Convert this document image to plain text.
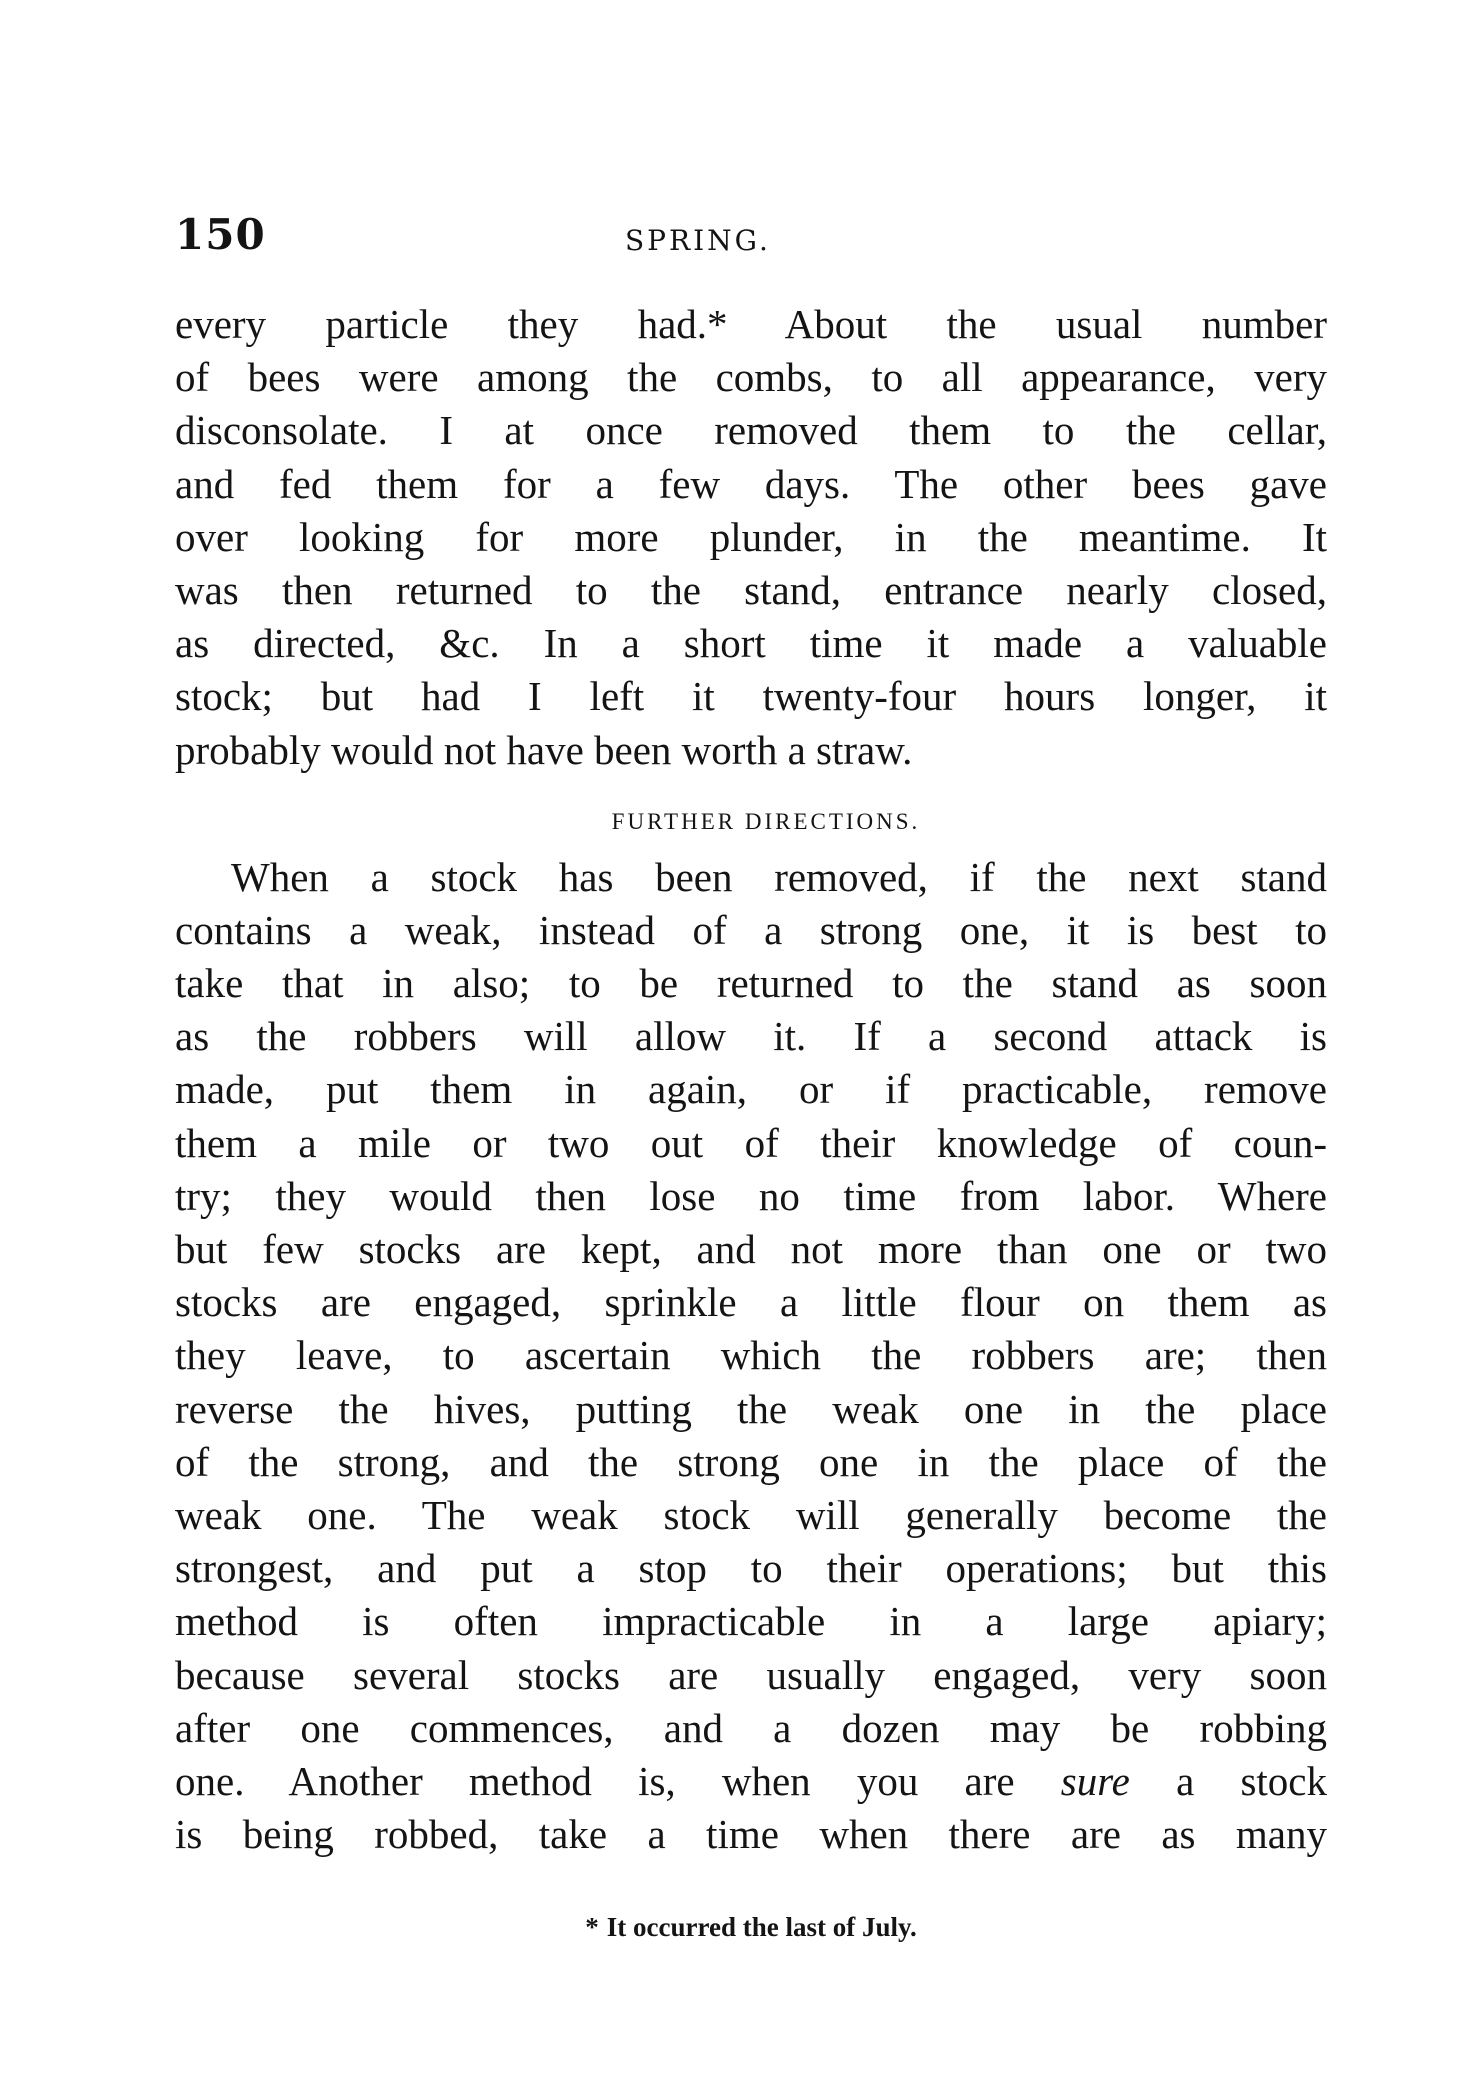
150	SPRING.
every particle they had.* About the usual number
of bees were among the combs, to all appearance, very
disconsolate. I at once removed them to the cellar,
and fed them for a few days. The other bees gave
over looking for more plunder, in the meantime. It
was then returned to the stand, entrance nearly closed,
as directed, &c. In a short time it made a valuable
stock; but had I left it twenty-four hours longer, it
probably would not have been worth a straw.
FURTHER DIRECTIONS.
When a stock has been removed, if the next stand
contains a weak, instead of a strong one, it is best to
take that in also; to be returned to the stand as soon
as the robbers will allow it. If a second attack is
made, put them in again, or if practicable, remove
them a mile or two out of their knowledge of coun-
try; they would then lose no time from labor. Where
but few stocks are kept, and not more than one or two
stocks are engaged, sprinkle a little flour on them as
they leave, to ascertain which the robbers are; then
reverse the hives, putting the weak one in the place
of the strong, and the strong one in the place of the
weak one. The weak stock will generally become the
strongest, and put a stop to their operations; but this
method is often impracticable in a large apiary;
because several stocks are usually engaged, very soon
after one commences, and a dozen may be robbing
one. Another method is, when you are sure a stock
is being robbed, take a time when there are as many
* It occurred the last of July.
